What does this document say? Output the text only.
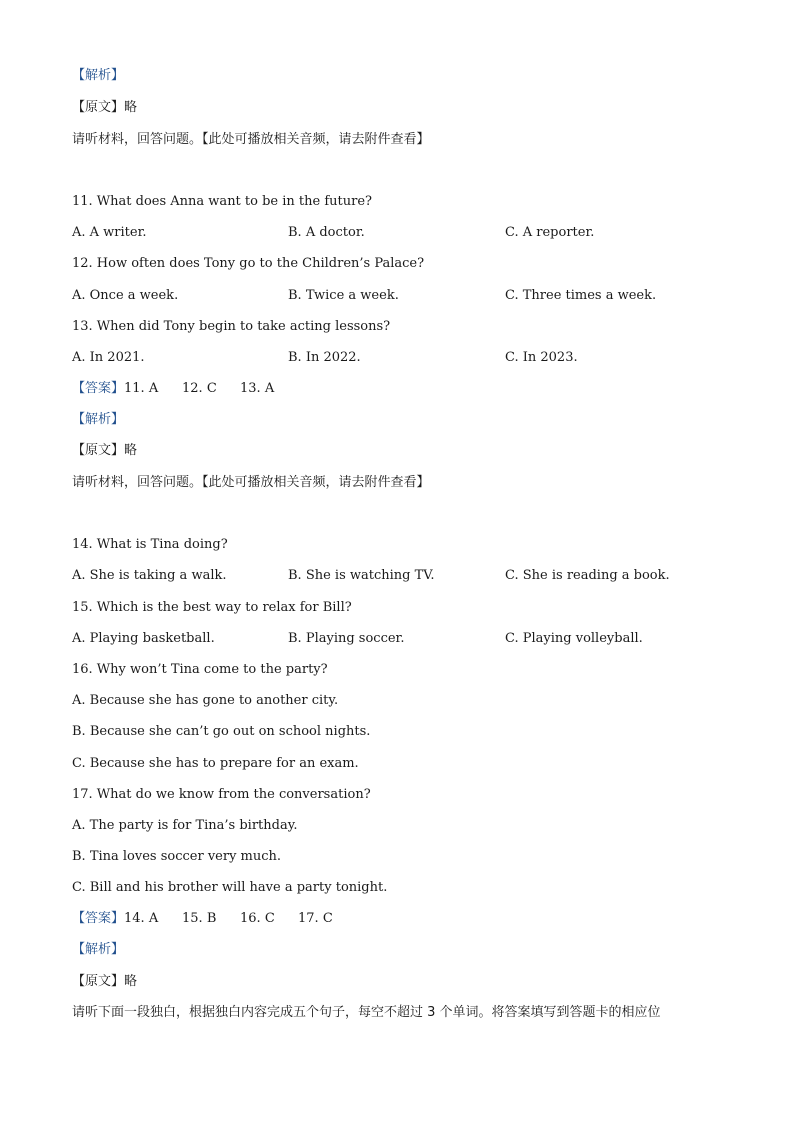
【解析】
【原文】略
请听材料，回答问题。【此处可播放相关音频，请去附件查看】
11. What does Anna want to be in the future?
A. A writer.	B. A doctor.	C. A reporter.
12. How often does Tony go to the Children’s Palace?
A. Once a week.	B. Twice a week.	C. Three times a week.
13. When did Tony begin to take acting lessons?
A. In 2021.	B. In 2022.	C. In 2023.
【答案】11. A 12. C 13. A
【解析】
【原文】略
请听材料，回答问题。【此处可播放相关音频，请去附件查看】
14. What is Tina doing?
A. She is taking a walk.	B. She is watching TV.	C. She is reading a book.
15. Which is the best way to relax for Bill?
A. Playing basketball.	B. Playing soccer.	C. Playing volleyball.
16. Why won’t Tina come to the party?
A. Because she has gone to another city.
B. Because she can’t go out on school nights.
C. Because she has to prepare for an exam.
17. What do we know from the conversation?
A. The party is for Tina’s birthday.
B. Tina loves soccer very much.
C. Bill and his brother will have a party tonight.
【答案】14. A 15. B 16. C 17. C
【解析】
【原文】略
请听下面一段独白，根据独白内容完成五个句子，每空不超过 3 个单词。将答案填写到答题卡的相应位
